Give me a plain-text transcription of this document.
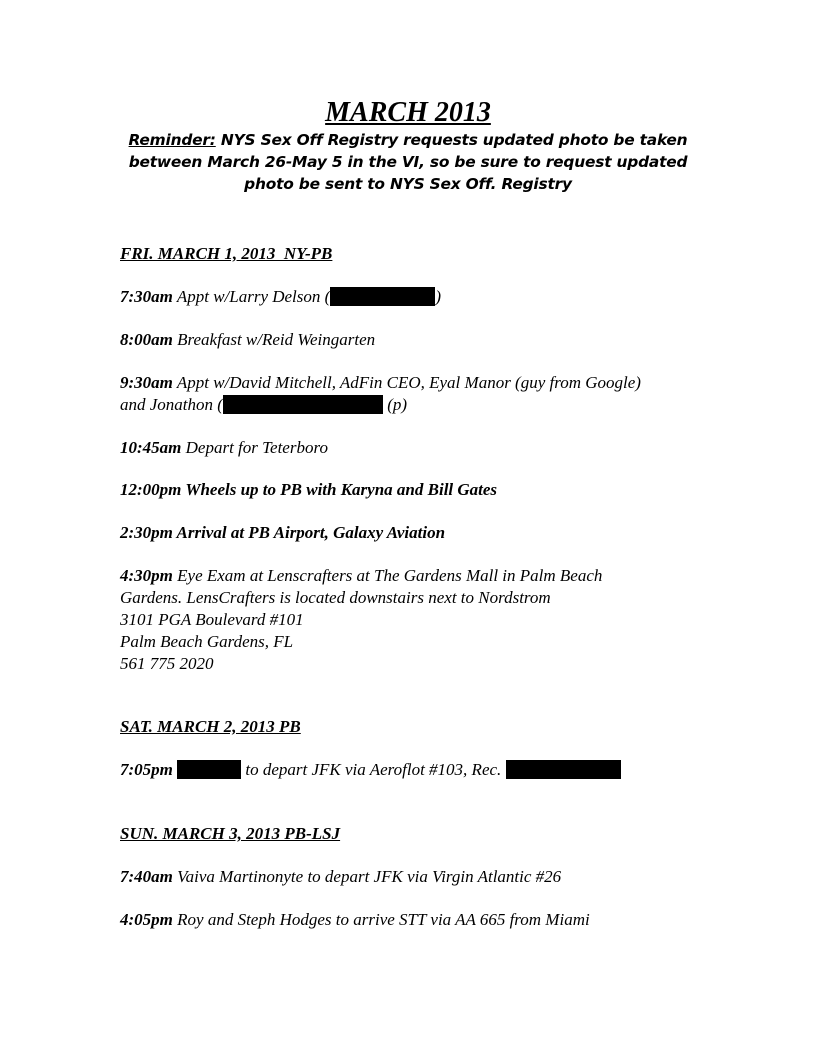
MARCH 2013
Reminder: NYS Sex Off Registry requests updated photo be taken
between March 26-May 5 in the VI, so be sure to request updated
photo be sent to NYS Sex Off. Registry
FRI. MARCH 1, 2013  NY-PB
7:30am Appt w/Larry Delson (	)
8:00am Breakfast w/Reid Weingarten
9:30am Appt w/David Mitchell, AdFin CEO, Eyal Manor (guy from Google)
and Jonathon (	(p)
10:45am Depart for Teterboro
12:00pm Wheels up to PB with Karyna and Bill Gates
2:30pm Arrival at PB Airport, Galaxy Aviation
4:30pm Eye Exam at Lenscrafters at The Gardens Mall in Palm Beach
Gardens. LensCrafters is located downstairs next to Nordstrom
3101 PGA Boulevard #101
Palm Beach Gardens, FL
561 775 2020
SAT. MARCH 2, 2013 PB
7:05pm	to depart JFK via Aeroflot #103, Rec.
SUN. MARCH 3, 2013 PB-LSJ
7:40am Vaiva Martinonyte to depart JFK via Virgin Atlantic #26
4:05pm Roy and Steph Hodges to arrive STT via AA 665 from Miami
